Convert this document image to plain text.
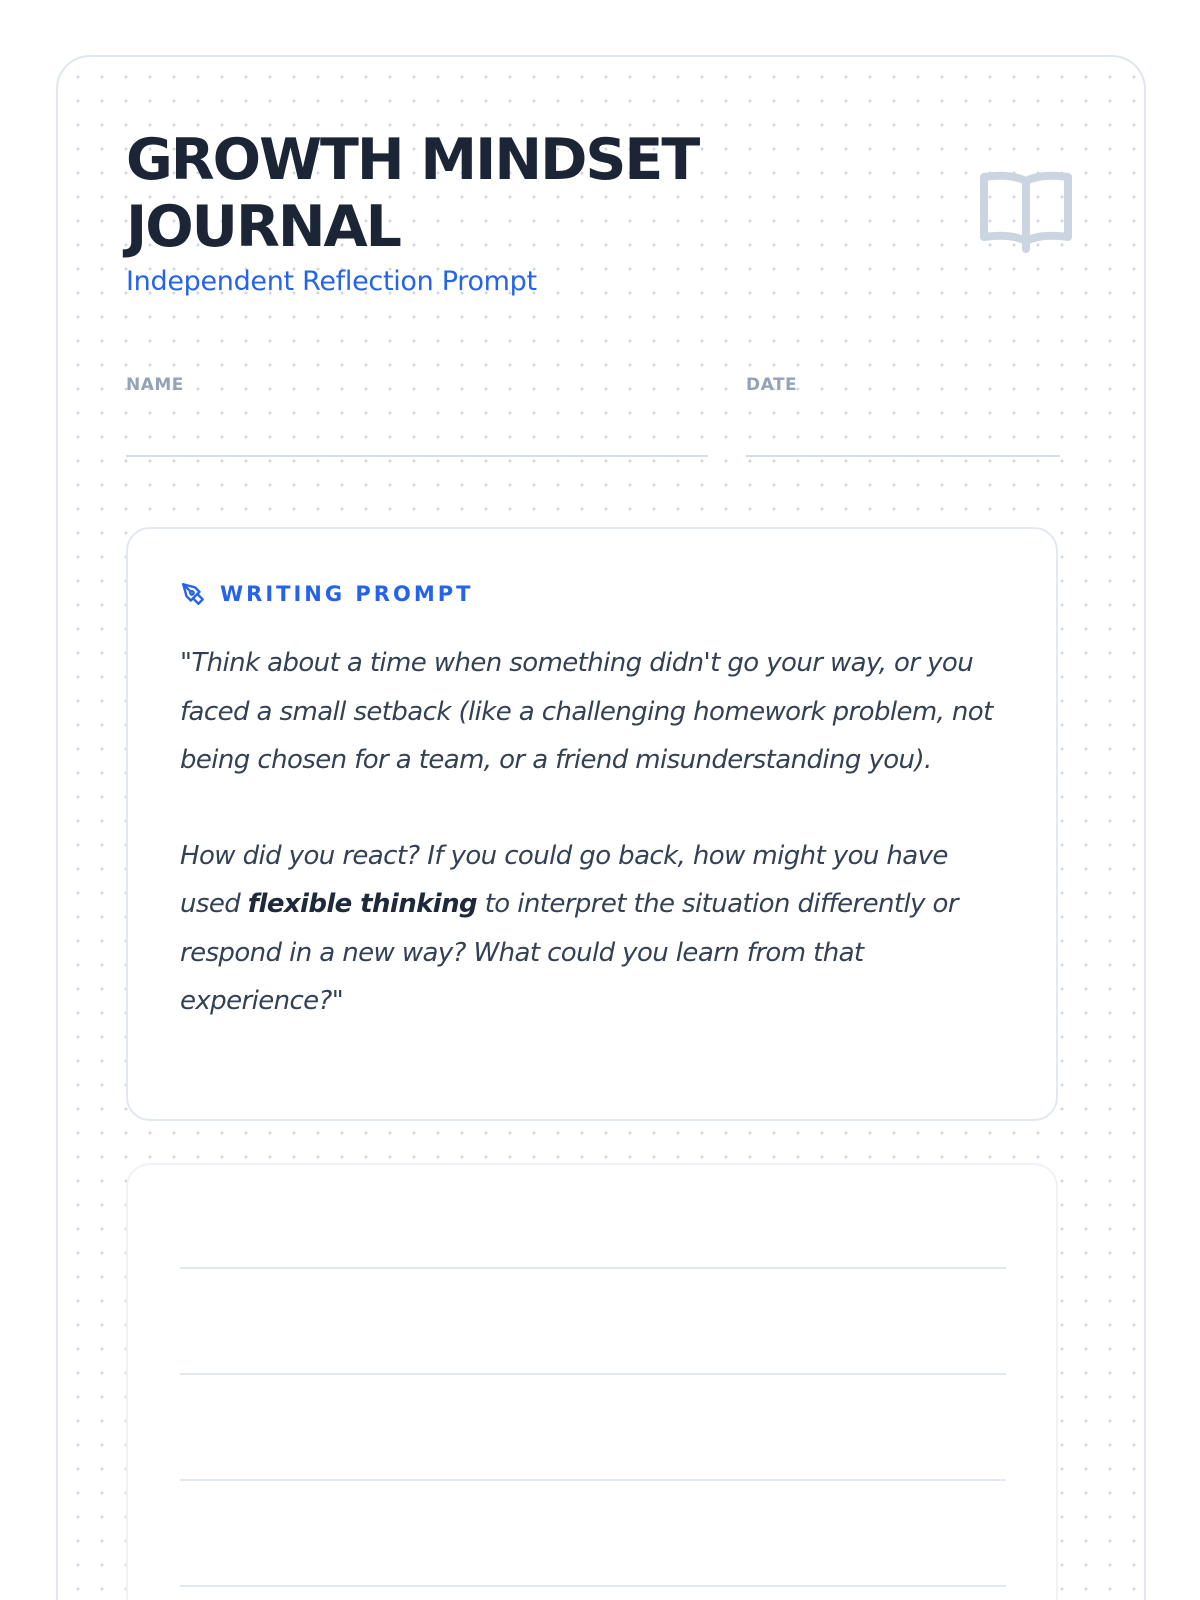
GROWTH MINDSET
JOURNAL

Independent Reflection Prompt

NAME	DATE
WRITING PROMPT

"Think about a time when something didn't go your way, or you faced a small setback (like a challenging homework problem, not being chosen for a team, or a friend misunderstanding you).

How did you react? If you could go back, how might you have used flexible thinking to interpret the situation differently or respond in a new way? What could you learn from that experience?"
